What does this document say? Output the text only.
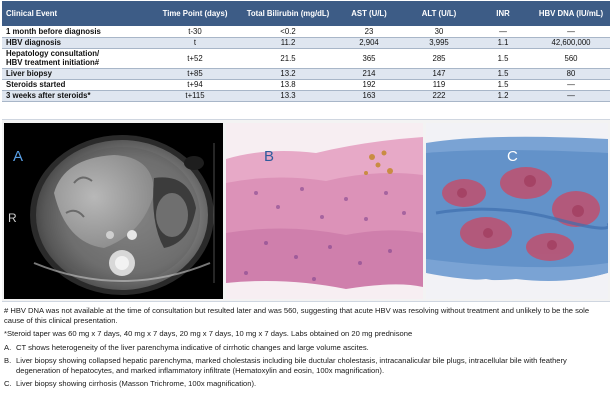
Clinical Event	Time Point (days)	Total Bilirubin (mg/dL)	AST (U/L)	ALT (U/L)	INR	HBV DNA (IU/mL)
1 month before diagnosis	t-30	<0.2	23	30	—	—
HBV diagnosis	t	11.2	2,904	3,995	1.1	42,600,000
Hepatology consultation/
HBV treatment initiation#	t+52	21.5	365	285	1.5	560
Liver biopsy	t+85	13.2	214	147	1.5	80
Steroids started	t+94	13.8	192	119	1.5	—
3 weeks after steroids*	t+115	13.3	163	222	1.2	—
A
R
B	C

# HBV DNA was not available at the time of consultation but resulted later and was 560, suggesting that acute HBV was resolving without treatment and unlikely to be the sole cause of this clinical presentation.

*Steroid taper was 60 mg x 7 days, 40 mg x 7 days, 20 mg x 7 days, 10 mg x 7 days. Labs obtained on 20 mg prednisone

A. CT shows heterogeneity of the liver parenchyma indicative of cirrhotic changes and large volume ascites.

B. Liver biopsy showing collapsed hepatic parenchyma, marked cholestasis including bile ductular cholestasis, intracanalicular bile plugs, intracellular bile with feathery degeneration of hepatocytes, and marked inflammatory infiltrate (Hematoxylin and eosin, 100x magnification).

C. Liver biopsy showing cirrhosis (Masson Trichrome, 100x magnification).
